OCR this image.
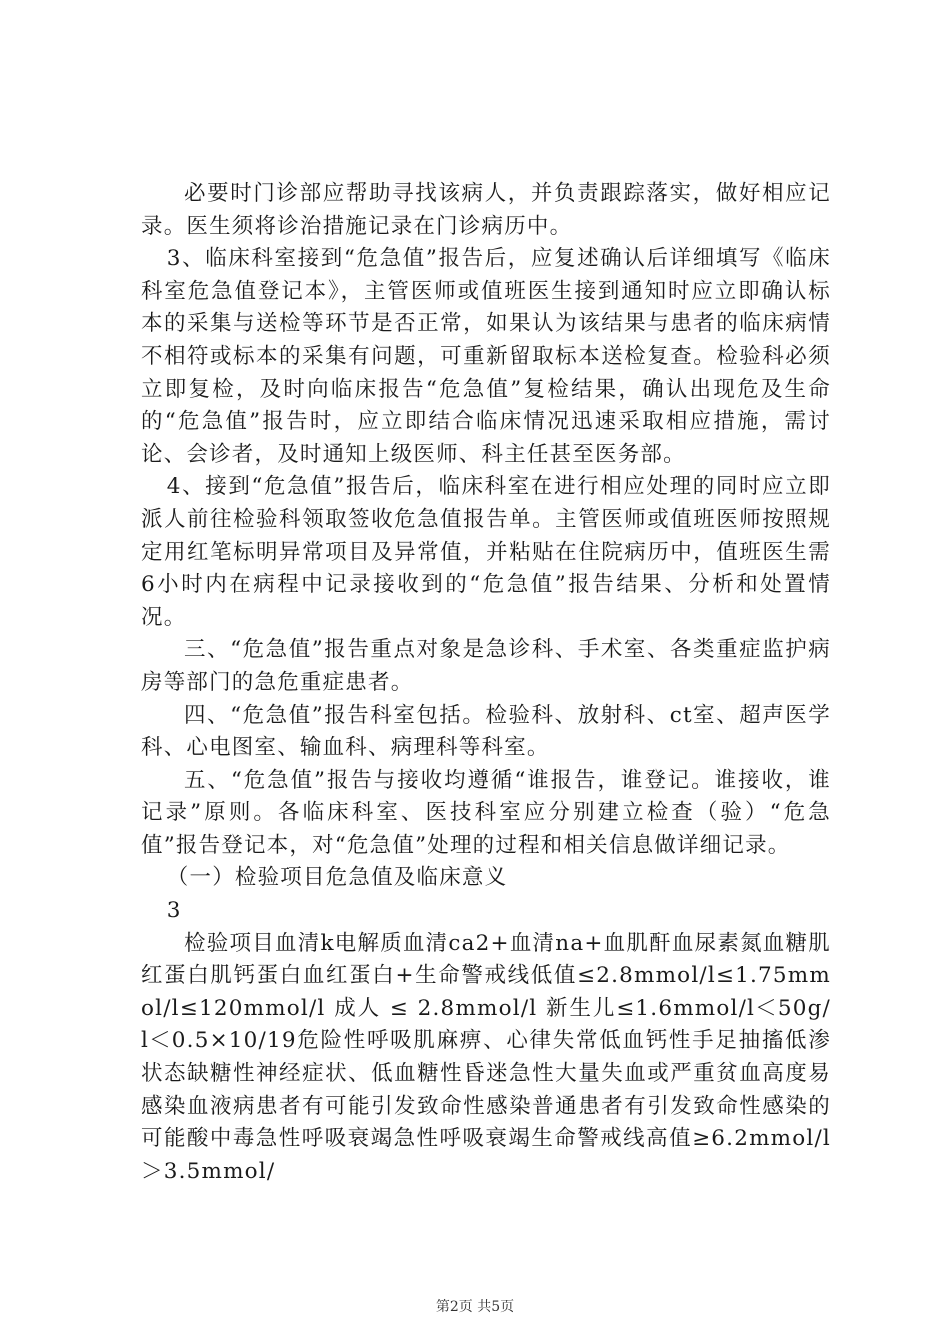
必要时门诊部应帮助寻找该病人，并负责跟踪落实，做好相应记录。医生须将诊治措施记录在门诊病历中。

3、临床科室接到“危急值”报告后，应复述确认后详细填写《临床科室危急值登记本》，主管医师或值班医生接到通知时应立即确认标本的采集与送检等环节是否正常，如果认为该结果与患者的临床病情不相符或标本的采集有问题，可重新留取标本送检复查。检验科必须立即复检，及时向临床报告“危急值”复检结果，确认出现危及生命的“危急值”报告时，应立即结合临床情况迅速采取相应措施，需讨论、会诊者，及时通知上级医师、科主任甚至医务部。

4、接到“危急值”报告后，临床科室在进行相应处理的同时应立即派人前往检验科领取签收危急值报告单。主管医师或值班医师按照规定用红笔标明异常项目及异常值，并粘贴在住院病历中，值班医生需6小时内在病程中记录接收到的“危急值”报告结果、分析和处置情况。

三、“危急值”报告重点对象是急诊科、手术室、各类重症监护病房等部门的急危重症患者。

四、“危急值”报告科室包括。检验科、放射科、ct室、超声医学科、心电图室、输血科、病理科等科室。

五、“危急值”报告与接收均遵循“谁报告，谁登记。谁接收，谁记录”原则。各临床科室、医技科室应分别建立检查（验）“危急值”报告登记本，对“危急值”处理的过程和相关信息做详细记录。

（一）检验项目危急值及临床意义

3

检验项目血清k电解质血清ca2+血清na+血肌酐血尿素氮血糖肌红蛋白肌钙蛋白血红蛋白+生命警戒线低值≤2.8mmol/l≤1.75mmol/l≤120mmol/l 成人 ≤ 2.8mmol/l 新生儿≤1.6mmol/l＜50g/l＜0.5×10/19危险性呼吸肌麻痹、心律失常低血钙性手足抽搐低渗状态缺糖性神经症状、低血糖性昏迷急性大量失血或严重贫血高度易感染血液病患者有可能引发致命性感染普通患者有引发致命性感染的可能酸中毒急性呼吸衰竭急性呼吸衰竭生命警戒线高值≥6.2mmol/l＞3.5mmol/

第2页 共5页
